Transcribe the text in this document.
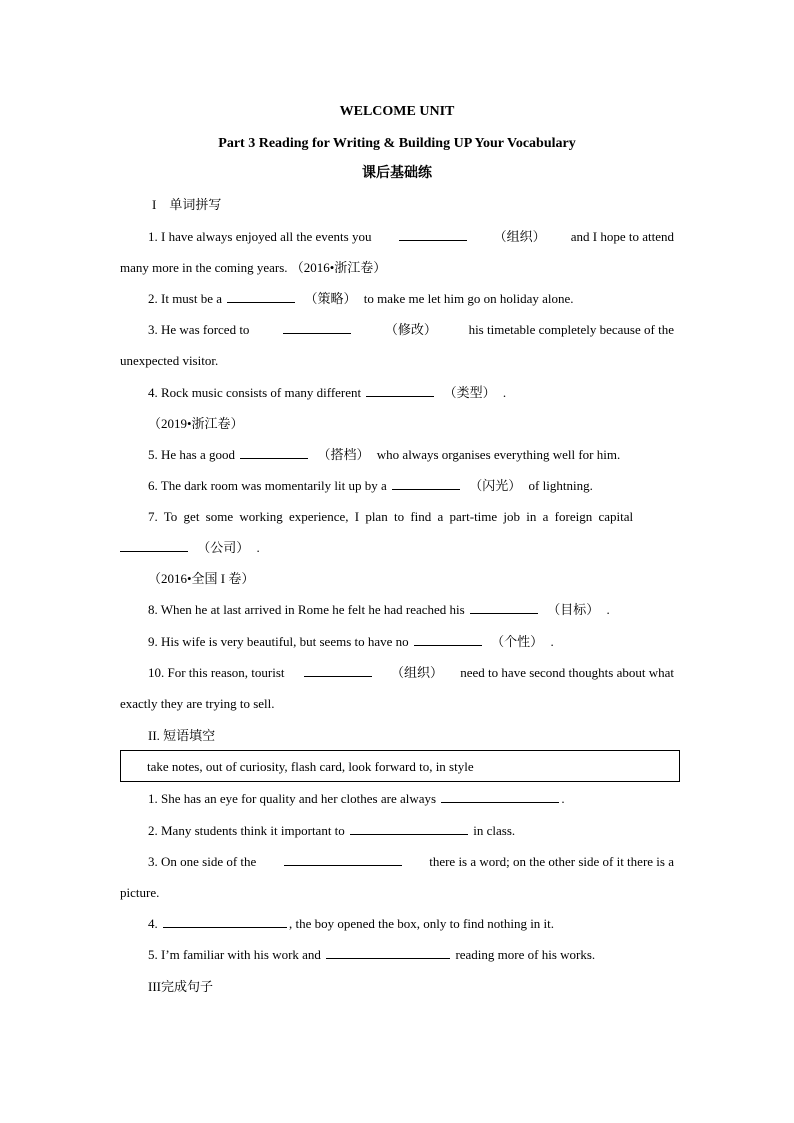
WELCOME UNIT

Part 3 Reading for Writing & Building UP Your Vocabulary

课后基础练

I　单词拼写

1. I have always enjoyed all the events you	（组织） and I hope to attend

many more in the coming years. （2016•浙江卷）

2. It must be a	（策略） to make me let him go on holiday alone.
3. He was forced to	（修改） his timetable completely because of the

unexpected visitor.

4. Rock music consists of many different	（类型） .

（2019•浙江卷）

5. He has a good	（搭档） who always organises everything well for him.
6. The dark room was momentarily lit up by a	（闪光） of lightning.
7. To get some working experience, I plan to find a part-time job in a foreign capital
（公司） .

（2016•全国 I 卷）

8. When he at last arrived in Rome he felt he had reached his	（目标） .
9. His wife is very beautiful, but seems to have no	（个性） .
10. For this reason, tourist	（组织） need to have second thoughts about what

exactly they are trying to sell.

II. 短语填空

take notes, out of curiosity, flash card, look forward to, in style
1. She has an eye for quality and her clothes are always	.
2. Many students think it important to	in class.
3. On one side of the	there is a word; on the other side of it there is a

picture.

4.	, the boy opened the box, only to find nothing in it.
5. I’m familiar with his work and	reading more of his works.

III完成句子
